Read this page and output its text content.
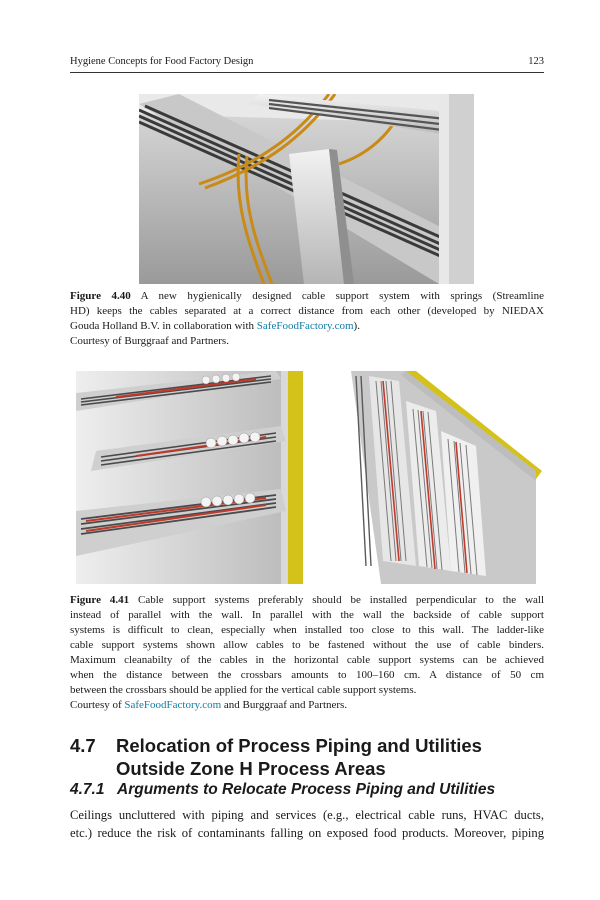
Hygiene Concepts for Food Factory Design	123
Figure 4.40 A new hygienically designed cable support system with springs (Streamline
HD) keeps the cables separated at a correct distance from each other (developed by NIEDAX
Gouda Holland B.V. in collaboration with SafeFoodFactory.com).
Courtesy of Burggraaf and Partners.
Figure 4.41 Cable support systems preferably should be installed perpendicular to the wall
instead of parallel with the wall. In parallel with the wall the backside of cable support
systems is difficult to clean, especially when installed too close to this wall. The ladder-like
cable support systems shown allow cables to be fastened without the use of cable binders.
Maximum cleanabilty of the cables in the horizontal cable support systems can be achieved
when the distance between the crossbars amounts to 100–160 cm. A distance of 50 cm
between the crossbars should be applied for the vertical cable support systems.
Courtesy of SafeFoodFactory.com and Burggraaf and Partners.
4.7 Relocation of Process Piping and Utilities Outside Zone H Process Areas
4.7.1 Arguments to Relocate Process Piping and Utilities
Ceilings uncluttered with piping and services (e.g., electrical cable runs, HVAC ducts,
etc.) reduce the risk of contaminants falling on exposed food products. Moreover, piping
